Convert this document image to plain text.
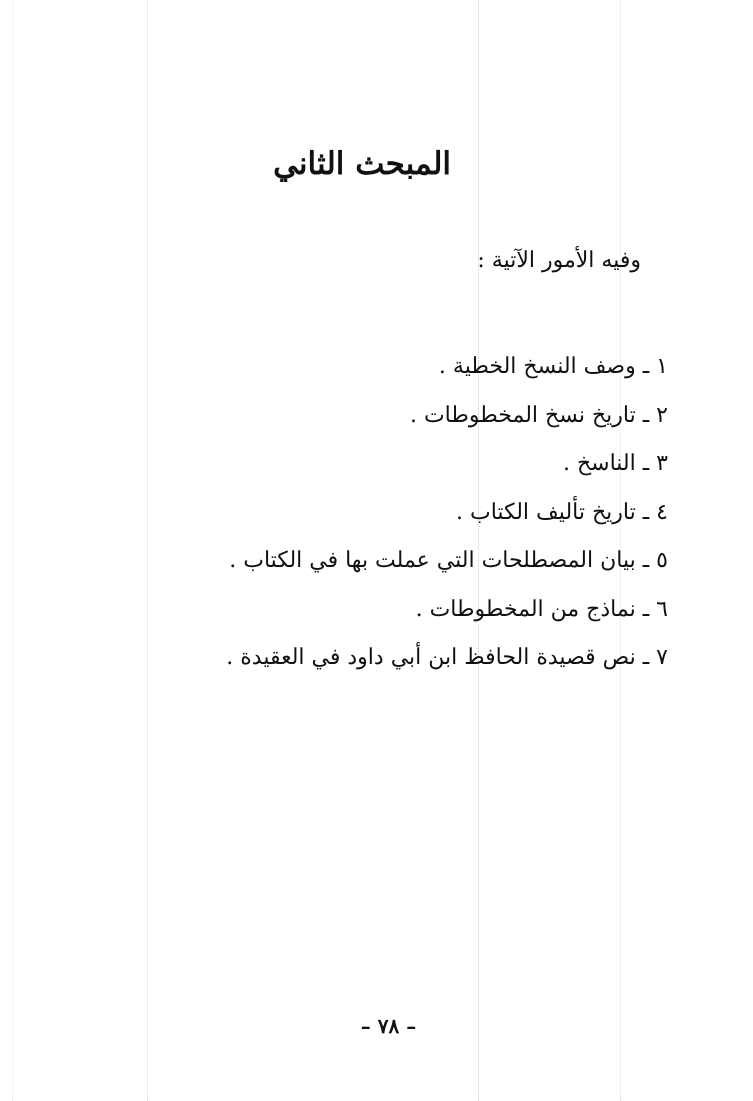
المبحث الثاني
وفيه الأمور الآتية :
١ ـ وصف النسخ الخطية .
٢ ـ تاريخ نسخ المخطوطات .
٣ ـ الناسخ .
٤ ـ تاريخ تأليف الكتاب .
٥ ـ بيان المصطلحات التي عملت بها في الكتاب .
٦ ـ نماذج من المخطوطات .
٧ ـ نص قصيدة الحافظ ابن أبي داود في العقيدة .
– ٧٨ –
